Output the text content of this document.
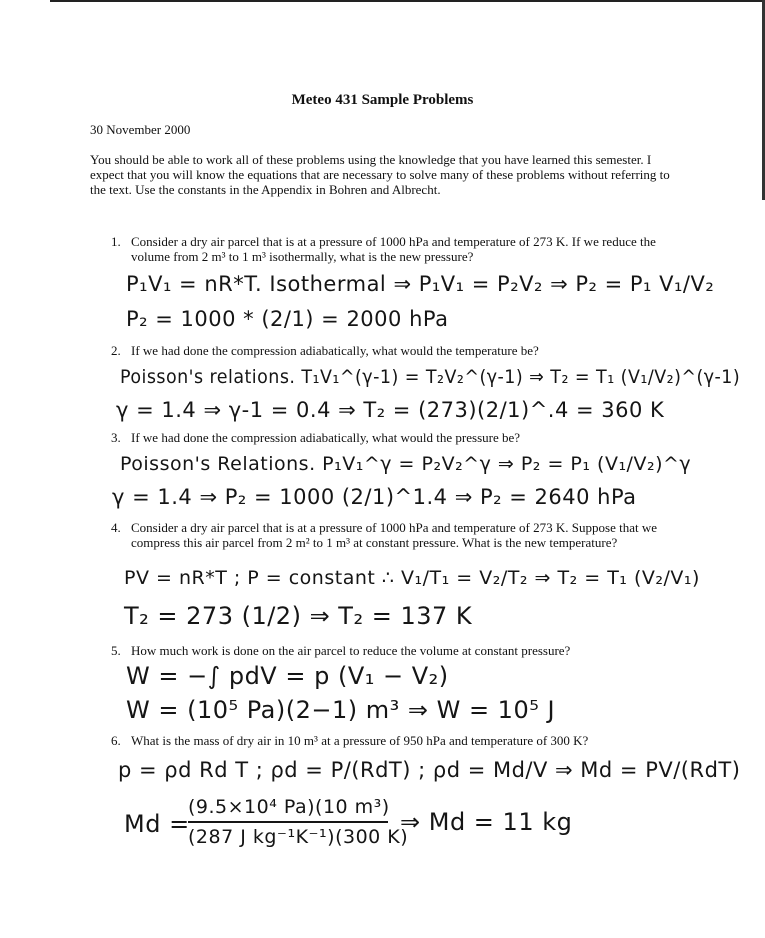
Meteo 431 Sample Problems
30 November 2000

You should be able to work all of these problems using the knowledge that you have learned this semester. I expect that you will know the equations that are necessary to solve many of these problems without referring to the text. Use the constants in the Appendix in Bohren and Albrecht.

1. Consider a dry air parcel that is at a pressure of 1000 hPa and temperature of 273 K. If we reduce the volume from 2 m³ to 1 m³ isothermally, what is the new pressure?
P₁V₁ = nR*T. Isothermal ⇒ P₁V₁ = P₂V₂ ⇒ P₂ = P₁ V₁/V₂
P₂ = 1000 * (2/1) = 2000 hPa
2. If we had done the compression adiabatically, what would the temperature be?
Poisson's relations. T₁V₁^(γ-1) = T₂V₂^(γ-1) ⇒ T₂ = T₁ (V₁/V₂)^(γ-1)
γ = 1.4 ⇒ γ-1 = 0.4 ⇒ T₂ = (273)(2/1)^.4 = 360 K
3. If we had done the compression adiabatically, what would the pressure be?
Poisson's Relations. P₁V₁^γ = P₂V₂^γ ⇒ P₂ = P₁ (V₁/V₂)^γ
γ = 1.4 ⇒ P₂ = 1000 (2/1)^1.4 ⇒ P₂ = 2640 hPa
4. Consider a dry air parcel that is at a pressure of 1000 hPa and temperature of 273 K. Suppose that we compress this air parcel from 2 m² to 1 m³ at constant pressure. What is the new temperature?
PV = nR*T ; P = constant ∴ V₁/T₁ = V₂/T₂ ⇒ T₂ = T₁ (V₂/V₁)
T₂ = 273 (1/2) ⇒ T₂ = 137 K
5. How much work is done on the air parcel to reduce the volume at constant pressure?
W = −∫ pdV = p (V₁ − V₂)
W = (10⁵ Pa)(2−1) m³ ⇒ W = 10⁵ J
6. What is the mass of dry air in 10 m³ at a pressure of 950 hPa and temperature of 300 K?
p = ρd Rd T ; ρd = P/(RdT) ; ρd = Md/V ⇒ Md = PV/(RdT)
(9.5×10⁴ Pa)(10 m³)
Md =
(287 J kg⁻¹K⁻¹)(300 K)
⇒ Md = 11 kg
